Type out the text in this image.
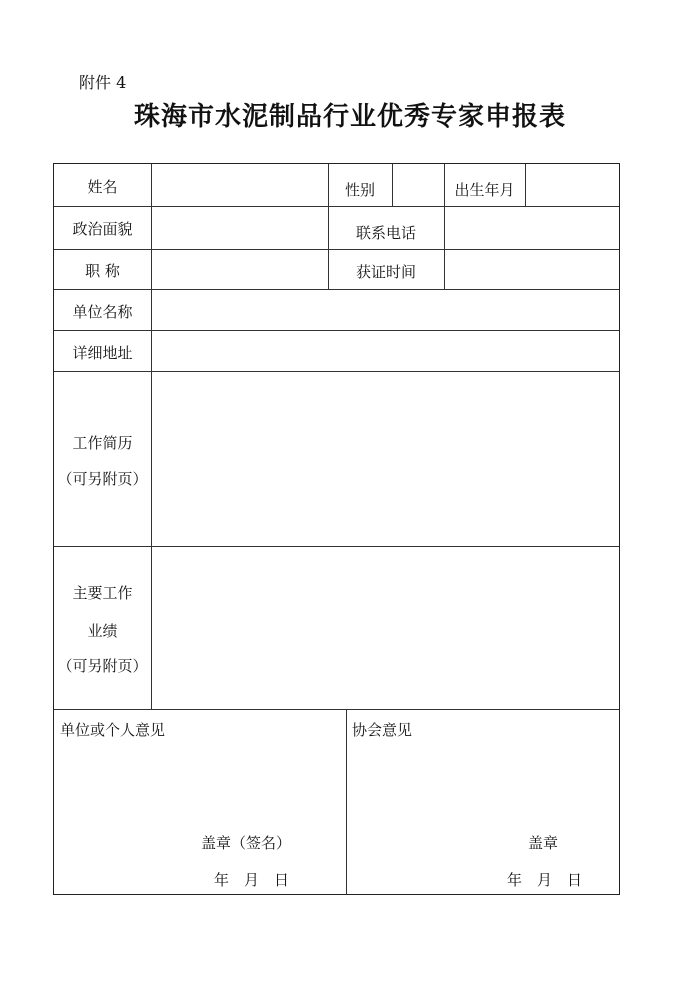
附件 4
珠海市水泥制品行业优秀专家申报表
姓名	性别	出生年月
政治面貌	联系电话
职 称	获证时间
单位名称
详细地址
工作简历
（可另附页）
主要工作
业绩
（可另附页）
单位或个人意见
盖章（签名）
年　月　日
协会意见
盖章
年　月　日
